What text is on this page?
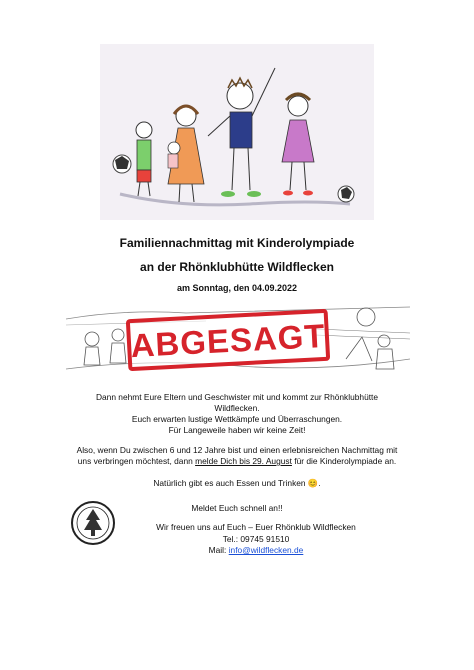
Familiennachmittag mit Kinderolympiade
an der Rhönklubhütte Wildflecken
am Sonntag, den 04.09.2022
ABGESAGT
Dann nehmt Eure Eltern und Geschwister mit und kommt zur Rhönklubhütte
Wildflecken.
Euch erwarten lustige Wettkämpfe und Überraschungen.
Für Langeweile haben wir keine Zeit!
Also, wenn Du zwischen 6 und 12 Jahre bist und einen erlebnisreichen Nachmittag mit
uns verbringen möchtest, dann melde Dich bis 29. August für die Kinderolympiade an.
Natürlich gibt es auch Essen und Trinken 😊.
Meldet Euch schnell an!!
Wir freuen uns auf Euch – Euer Rhönklub Wildflecken
Tel.: 09745 91510
Mail: info@wildflecken.de
